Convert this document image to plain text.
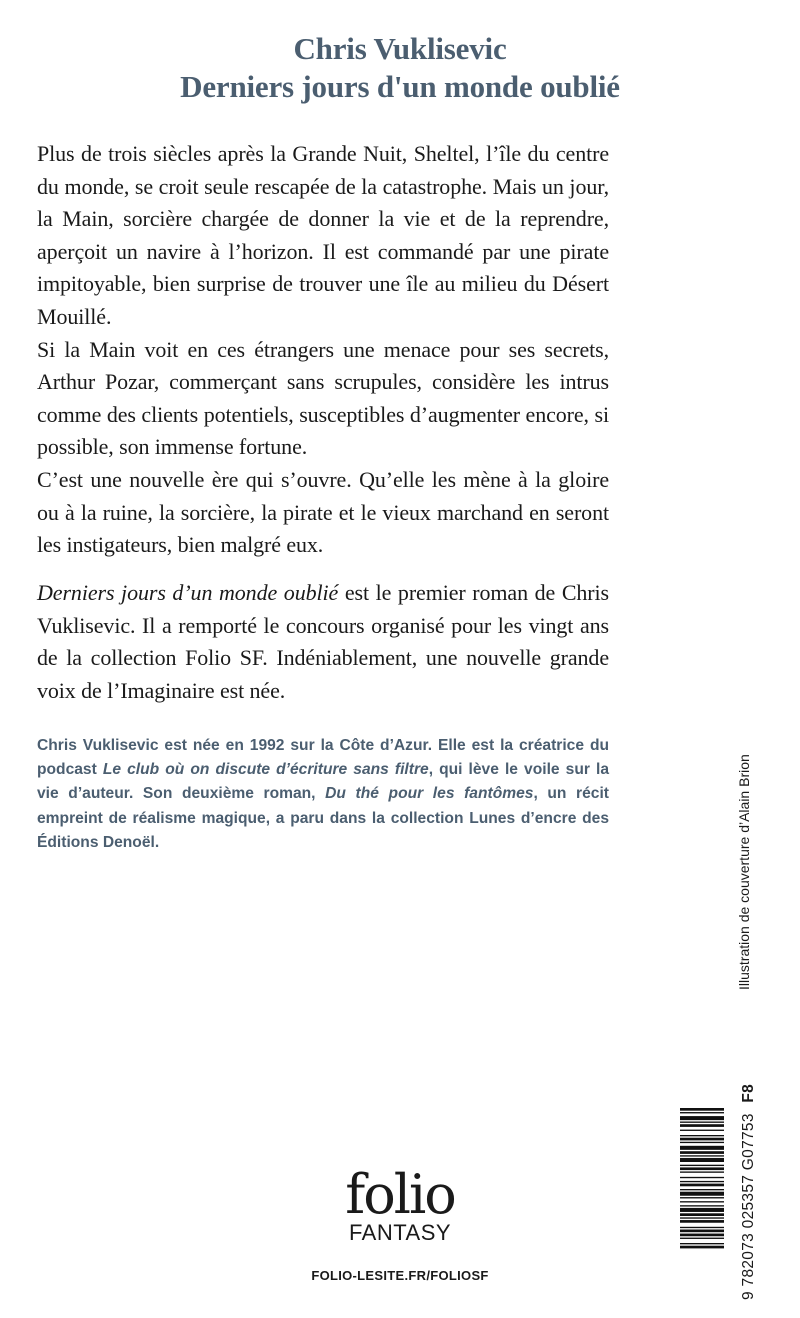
Chris Vuklisevic
Derniers jours d'un monde oublié

Plus de trois siècles après la Grande Nuit, Sheltel, l’île du centre du monde, se croit seule rescapée de la catastrophe. Mais un jour, la Main, sorcière chargée de donner la vie et de la reprendre, aperçoit un navire à l’horizon. Il est commandé par une pirate impitoyable, bien surprise de trouver une île au milieu du Désert Mouillé.

Si la Main voit en ces étrangers une menace pour ses secrets, Arthur Pozar, commerçant sans scrupules, considère les intrus comme des clients potentiels, susceptibles d’augmenter encore, si possible, son immense fortune.

C’est une nouvelle ère qui s’ouvre. Qu’elle les mène à la gloire ou à la ruine, la sorcière, la pirate et le vieux marchand en seront les instigateurs, bien malgré eux.

Derniers jours d’un monde oublié est le premier roman de Chris Vuklisevic. Il a remporté le concours organisé pour les vingt ans de la collection Folio SF. Indéniablement, une nouvelle grande voix de l’Imaginaire est née.

Chris Vuklisevic est née en 1992 sur la Côte d’Azur. Elle est la créatrice du podcast Le club où on discute d’écriture sans filtre, qui lève le voile sur la vie d’auteur. Son deuxième roman, Du thé pour les fantômes, un récit empreint de réalisme magique, a paru dans la collection Lunes d’encre des Éditions Denoël.	Illustration de couverture d’Alain Brion
9 782073 025357 G07753 F8
folio
FANTASY
FOLIO-LESITE.FR/FOLIOSF
